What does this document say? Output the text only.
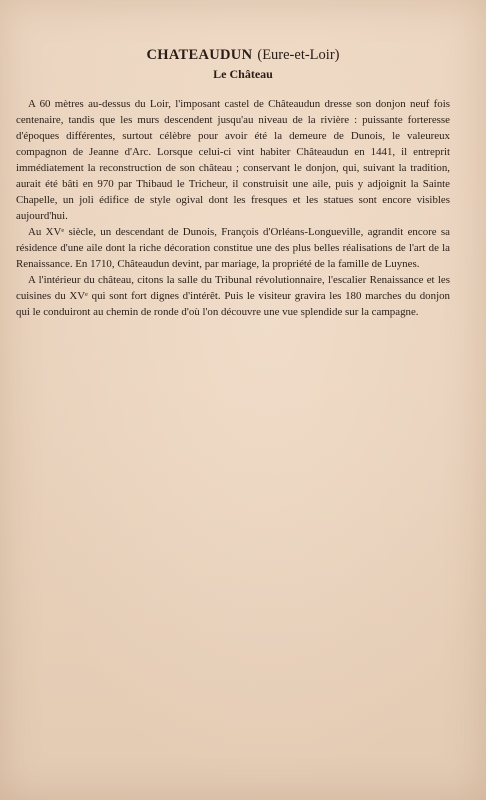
CHATEAUDUN (Eure-et-Loir)
Le Château

A 60 mètres au-dessus du Loir, l'imposant castel de Châteaudun dresse son donjon neuf fois centenaire, tandis que les murs descendent jusqu'au niveau de la rivière : puissante forteresse d'époques différentes, surtout célèbre pour avoir été la demeure de Dunois, le valeureux compagnon de Jeanne d'Arc. Lorsque celui-ci vint habiter Châteaudun en 1441, il entreprit immédiatement la reconstruction de son château ; conservant le donjon, qui, suivant la tradition, aurait été bâti en 970 par Thibaud le Tricheur, il construisit une aile, puis y adjoignit la Sainte Chapelle, un joli édifice de style ogival dont les fresques et les statues sont encore visibles aujourd'hui.

Au XVᵉ siècle, un descendant de Dunois, François d'Orléans-Longueville, agrandit encore sa résidence d'une aile dont la riche décoration constitue une des plus belles réalisations de l'art de la Renaissance. En 1710, Châteaudun devint, par mariage, la propriété de la famille de Luynes.

A l'intérieur du château, citons la salle du Tribunal révolutionnaire, l'escalier Renaissance et les cuisines du XVᵉ qui sont fort dignes d'intérêt. Puis le visiteur gravira les 180 marches du donjon qui le conduiront au chemin de ronde d'où l'on découvre une vue splendide sur la campagne.
